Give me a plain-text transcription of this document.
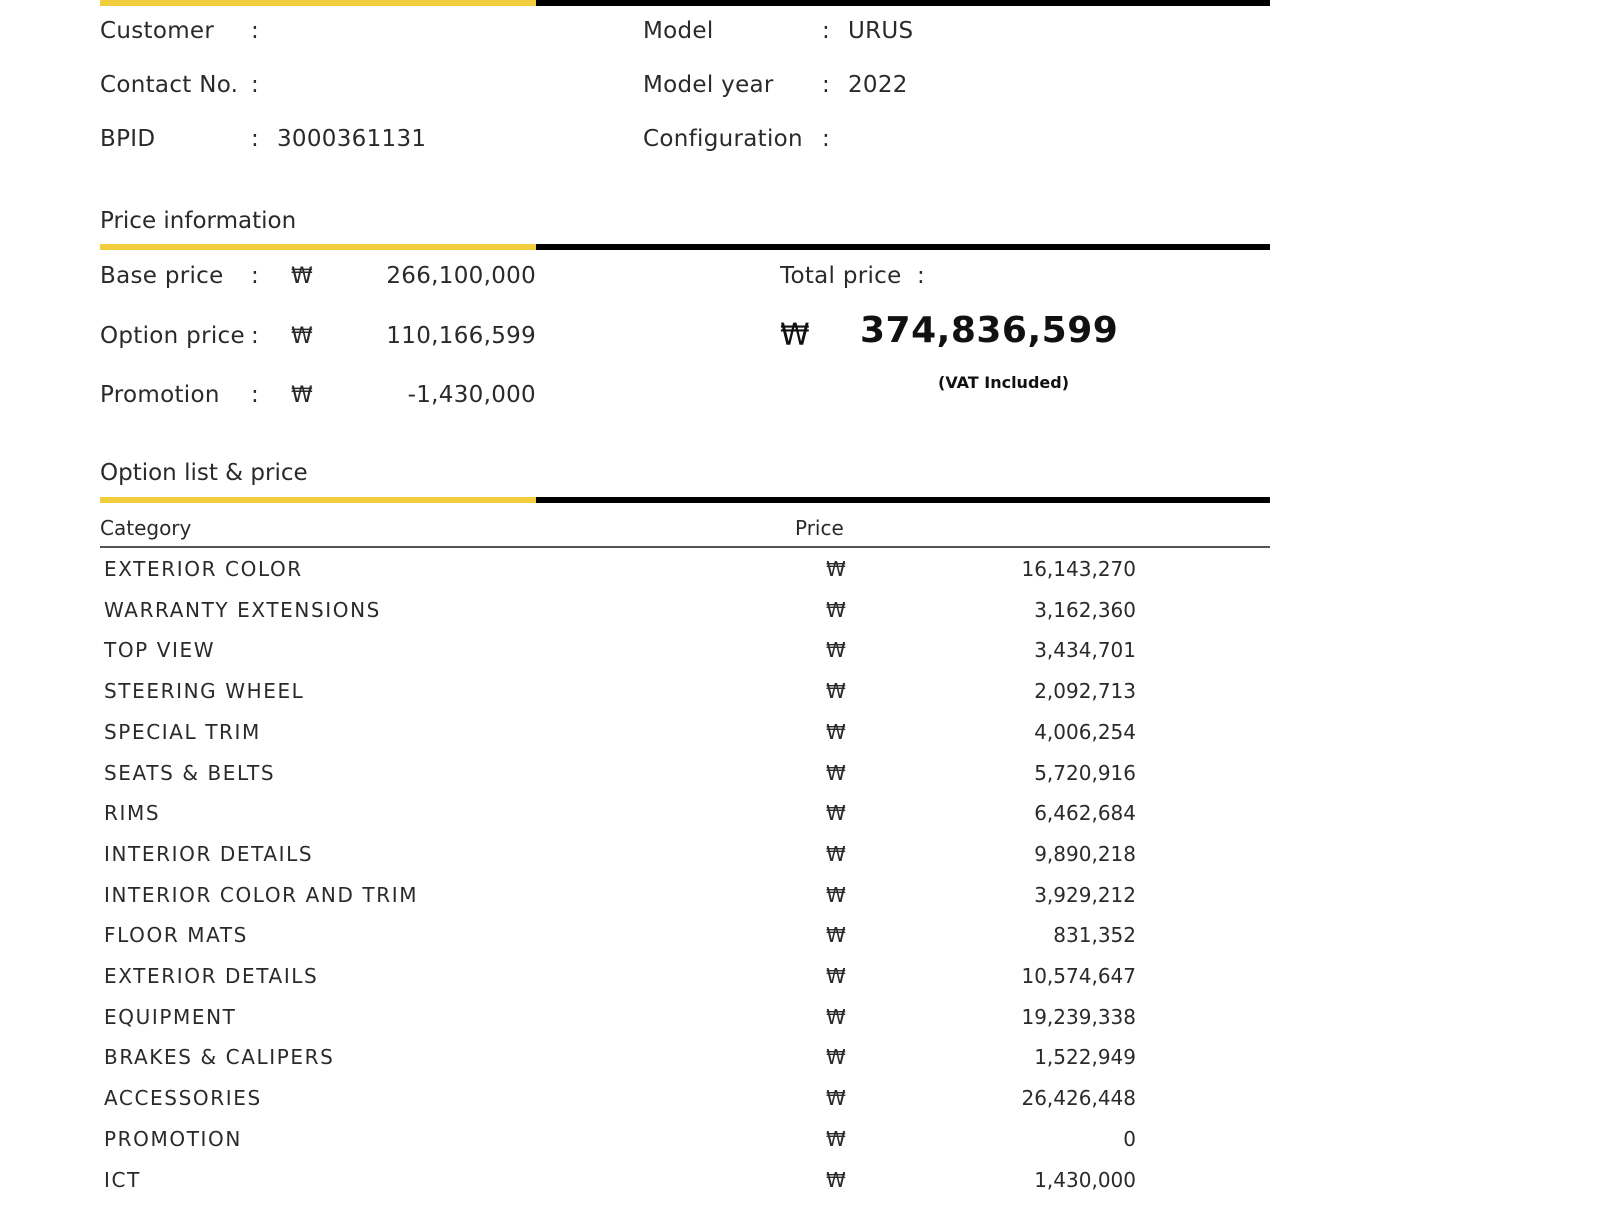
Customer :
Contact No. :
BPID	: 3000361131
Model	: URUS
Model year : 2022
Configuration :
Price information
Base price : ₩	266,100,000
Option price : ₩	110,166,599
Promotion : ₩	-1,430,000
Total price :
₩ 374,836,599
(VAT Included)
Option list & price
Category	Price
EXTERIOR COLOR	₩	16,143,270
WARRANTY EXTENSIONS	₩	3,162,360
TOP VIEW	₩	3,434,701
STEERING WHEEL	₩	2,092,713
SPECIAL TRIM	₩	4,006,254
SEATS & BELTS	₩	5,720,916
RIMS	₩	6,462,684
INTERIOR DETAILS	₩	9,890,218
INTERIOR COLOR AND TRIM	₩	3,929,212
FLOOR MATS	₩	831,352
EXTERIOR DETAILS	₩	10,574,647
EQUIPMENT	₩	19,239,338
BRAKES & CALIPERS	₩	1,522,949
ACCESSORIES	₩	26,426,448
PROMOTION	₩	0
ICT	₩	1,430,000
